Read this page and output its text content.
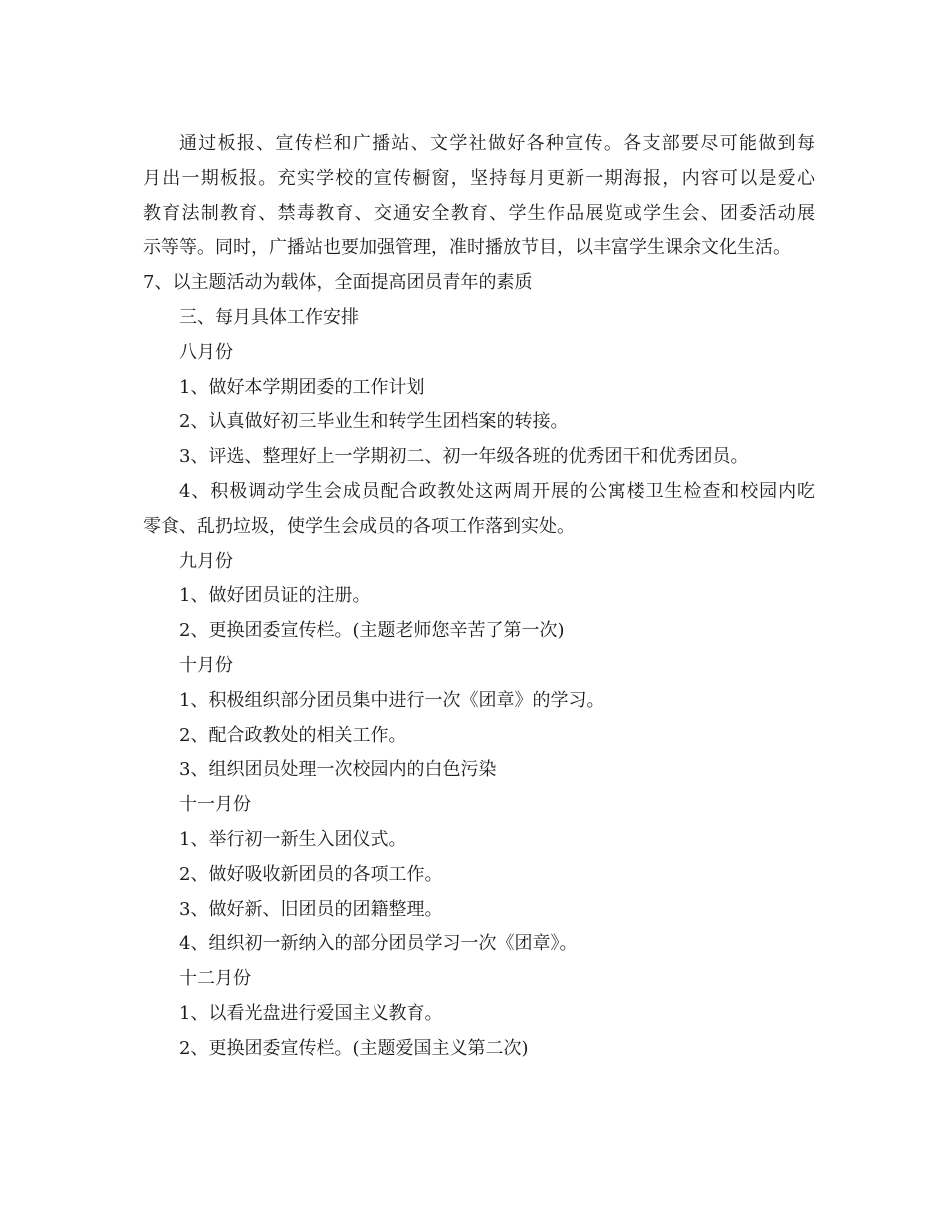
通过板报、宣传栏和广播站、文学社做好各种宣传。各支部要尽可能做到每
月出一期板报。充实学校的宣传橱窗，坚持每月更新一期海报，内容可以是爱心
教育法制教育、禁毒教育、交通安全教育、学生作品展览或学生会、团委活动展
示等等。同时，广播站也要加强管理，准时播放节目，以丰富学生课余文化生活。

7、以主题活动为载体，全面提高团员青年的素质

三、每月具体工作安排

八月份

1、做好本学期团委的工作计划

2、认真做好初三毕业生和转学生团档案的转接。

3、评选、整理好上一学期初二、初一年级各班的优秀团干和优秀团员。

4、积极调动学生会成员配合政教处这两周开展的公寓楼卫生检查和校园内吃
零食、乱扔垃圾，使学生会成员的各项工作落到实处。

九月份

1、做好团员证的注册。

2、更换团委宣传栏。(主题老师您辛苦了第一次)

十月份

1、积极组织部分团员集中进行一次《团章》的学习。

2、配合政教处的相关工作。

3、组织团员处理一次校园内的白色污染

十一月份

1、举行初一新生入团仪式。

2、做好吸收新团员的各项工作。

3、做好新、旧团员的团籍整理。

4、组织初一新纳入的部分团员学习一次《团章》。

十二月份

1、以看光盘进行爱国主义教育。

2、更换团委宣传栏。(主题爱国主义第二次)
